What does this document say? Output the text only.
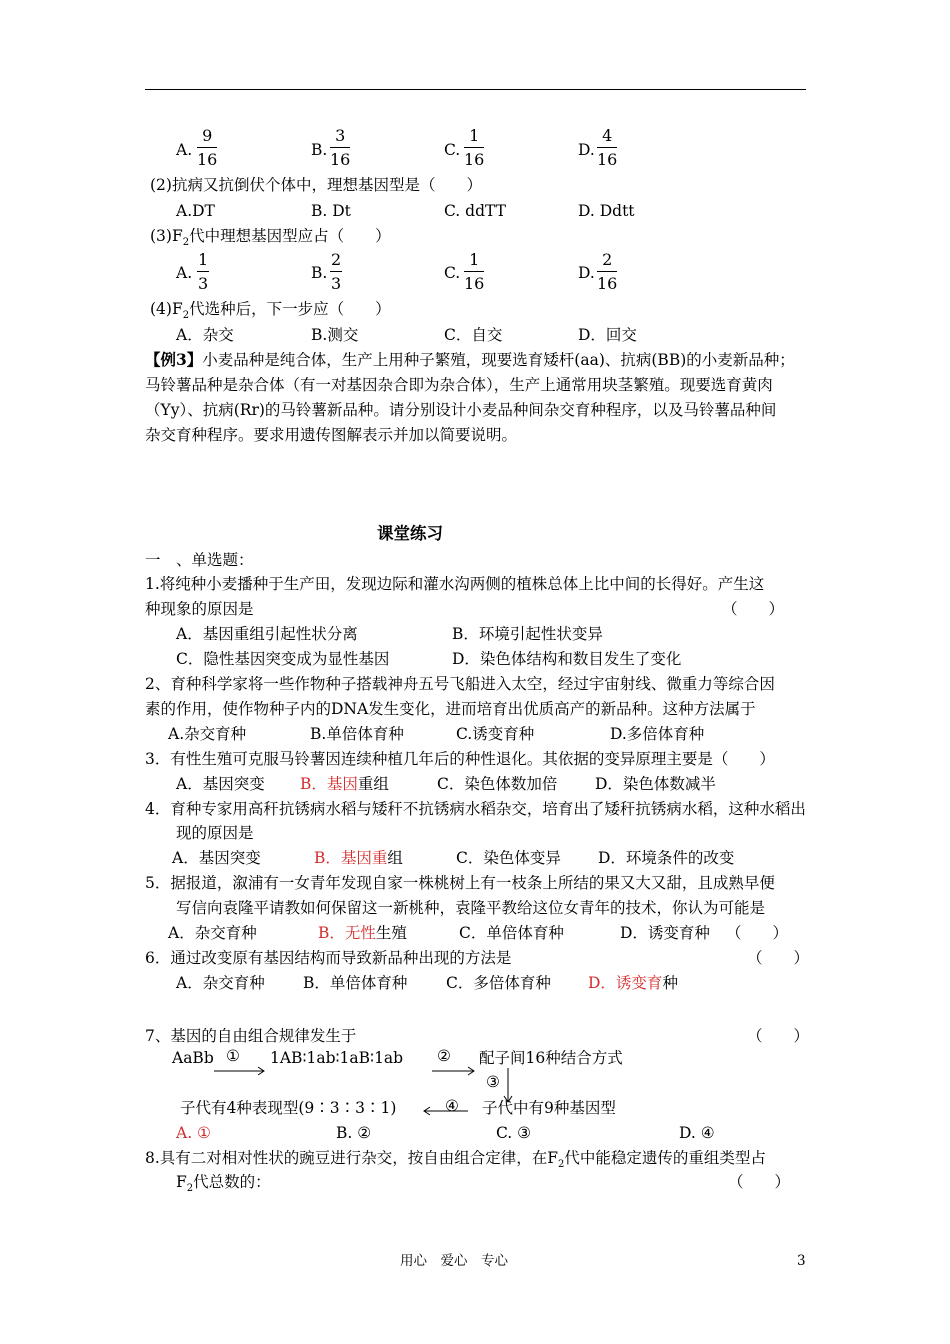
A.
9
16	B.
3
16	C.
1
16	D.
4
16
(2)抗病又抗倒伏个体中，理想基因型是（　　）
A.DT	B. Dt	C. ddTT	D. Ddtt
$(3)F_2$代中理想基因型应占（　　）
A.
1
3
B.
2
3
C.
1
16
D.
2
16
$(4)F_2$代选种后，下一步应（　　）
A．杂交	B.测交	C．自交	D．回交
【例3】小麦品种是纯合体，生产上用种子繁殖，现要选育矮杆(aa)、抗病(BB)的小麦新品种；
马铃薯品种是杂合体（有一对基因杂合即为杂合体），生产上通常用块茎繁殖。现要选育黄肉
（Yy）、抗病(Rr)的马铃薯新品种。请分别设计小麦品种间杂交育种程序，以及马铃薯品种间
杂交育种程序。要求用遗传图解表示并加以简要说明。
课堂练习
一　、单选题：
1.将纯种小麦播种于生产田，发现边际和灌水沟两侧的植株总体上比中间的长得好。产生这
种现象的原因是	（　　）
A．基因重组引起性状分离	B．环境引起性状变异
C．隐性基因突变成为显性基因	D．染色体结构和数目发生了变化
2、育种科学家将一些作物种子搭载神舟五号飞船进入太空，经过宇宙射线、微重力等综合因
素的作用，使作物种子内的DNA发生变化，进而培育出优质高产的新品种。这种方法属于
A.杂交育种	B.单倍体育种	C.诱变育种	D.多倍体育种
3．有性生殖可克服马铃薯因连续种植几年后的种性退化。其依据的变异原理主要是（　　）
A．基因突变 B．基因重组	C．染色体数加倍 D．染色体数减半
4．育种专家用高秆抗锈病水稻与矮秆不抗锈病水稻杂交，培育出了矮秆抗锈病水稻，这种水稻出
现的原因是
A．基因突变	B．基因重组	C．染色体变异 D．环境条件的改变
5．据报道，溆浦有一女青年发现自家一株桃树上有一枝条上所结的果又大又甜，且成熟早便
写信向袁隆平请教如何保留这一新桃种，袁隆平教给这位女青年的技术，你认为可能是
A．杂交育种	B．无性生殖	C．单倍体育种	D．诱变育种 （　　）
6．通过改变原有基因结构而导致新品种出现的方法是	（　　）
A．杂交育种 B．单倍体育种 C．多倍体育种 D．诱变育种
7、基因的自由组合规律发生于	（　　）
AaBb ① 1AB∶1ab∶1aB∶1ab ② 配子间16种结合方式
③
子代有4种表现型(9∶3∶3∶1)	④ 子代中有9种基因型
A. ①	B. ②	C. ③	D. ④
8.具有二对相对性状的豌豆进行杂交，按自由组合定律，在$F_2$代中能稳定遗传的重组类型占
$F_2$代总数的：	（　　）
用心　爱心　专心	3
